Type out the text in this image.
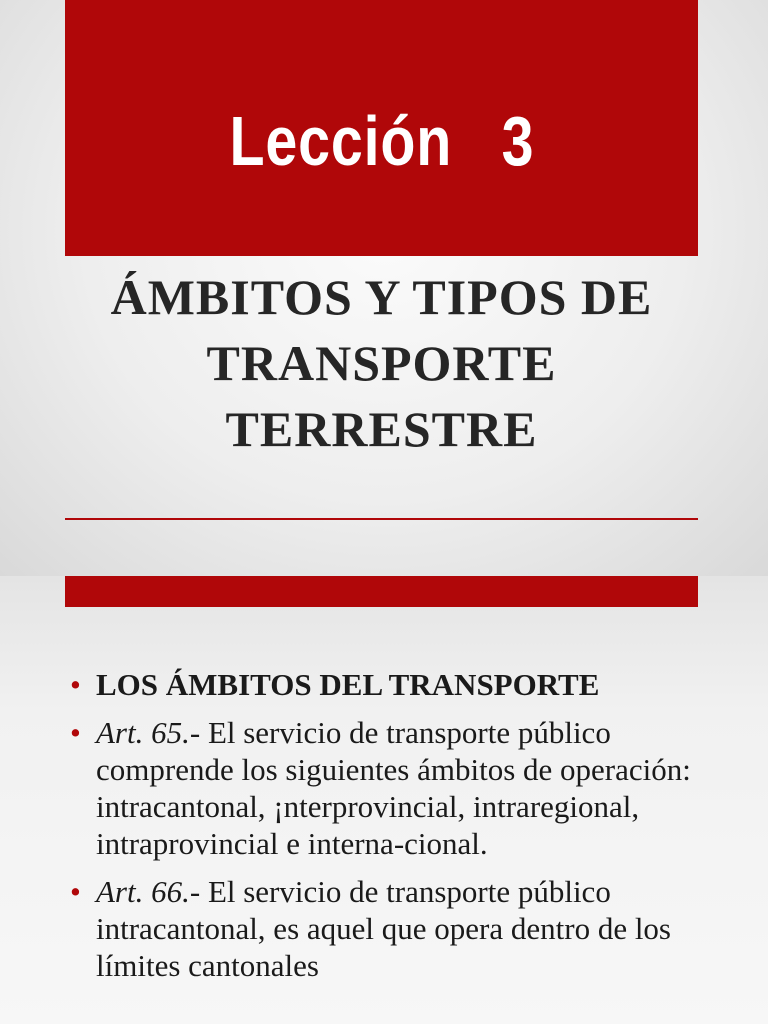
Lección 3
ÁMBITOS Y TIPOS DE
TRANSPORTE
TERRESTRE
• LOS ÁMBITOS DEL TRANSPORTE
• Art. 65.- El servicio de transporte público comprende los siguientes ámbitos de operación: intracantonal, ¡nterprovincial, intraregional, intraprovincial e interna-cional.
• Art. 66.- El servicio de transporte público intracantonal, es aquel que opera dentro de los límites cantonales
